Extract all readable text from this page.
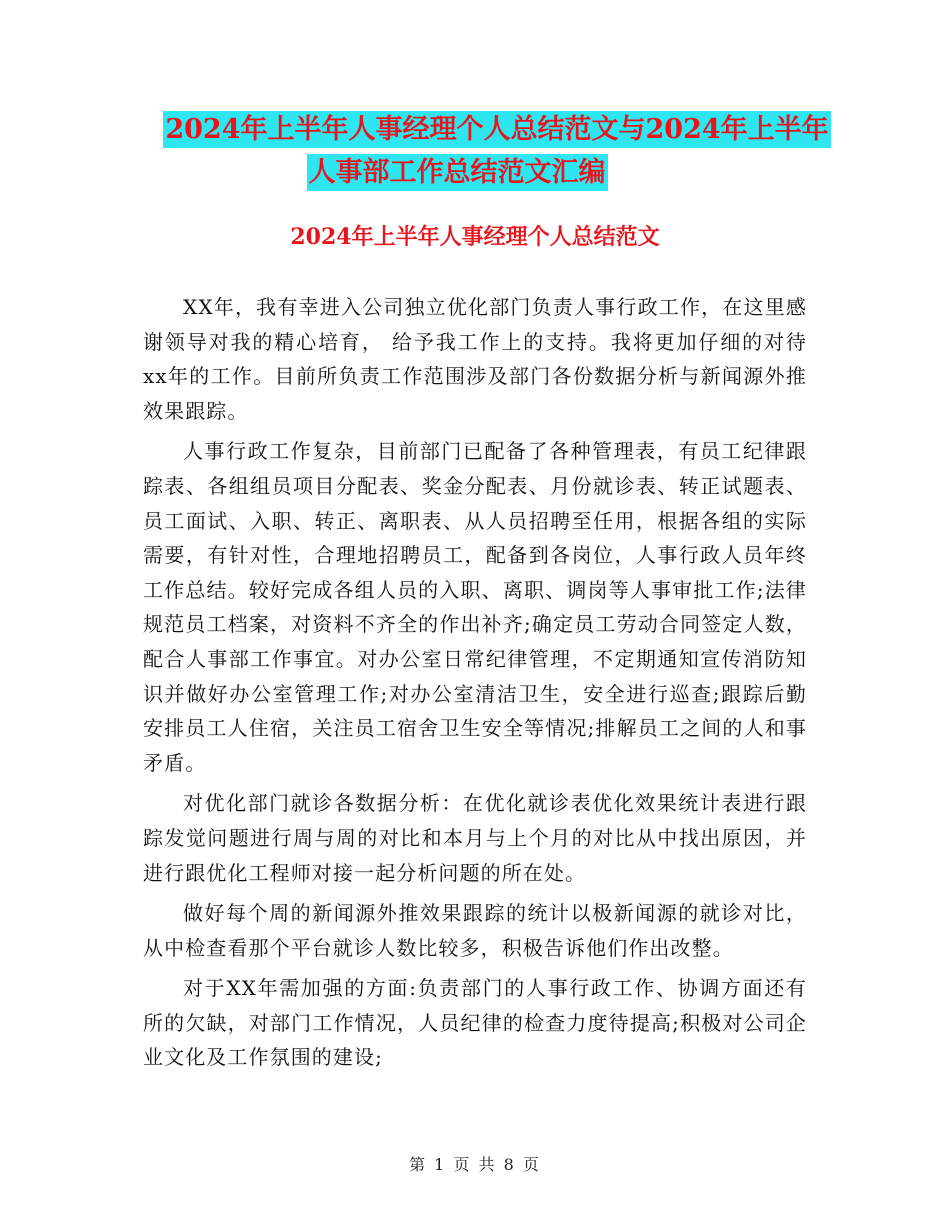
2024年上半年人事经理个人总结范文与2024年上半年
人事部工作总结范文汇编
2024年上半年人事经理个人总结范文

XX年，我有幸进入公司独立优化部门负责人事行政工作，在这里感谢领导对我的精心培育， 给予我工作上的支持。我将更加仔细的对待xx年的工作。目前所负责工作范围涉及部门各份数据分析与新闻源外推效果跟踪。

人事行政工作复杂，目前部门已配备了各种管理表，有员工纪律跟踪表、各组组员项目分配表、奖金分配表、月份就诊表、转正试题表、员工面试、入职、转正、离职表、从人员招聘至任用，根据各组的实际需要，有针对性，合理地招聘员工，配备到各岗位，人事行政人员年终工作总结。较好完成各组人员的入职、离职、调岗等人事审批工作;法律规范员工档案，对资料不齐全的作出补齐;确定员工劳动合同签定人数，配合人事部工作事宜。对办公室日常纪律管理，不定期通知宣传消防知识并做好办公室管理工作;对办公室清洁卫生，安全进行巡查;跟踪后勤安排员工人住宿，关注员工宿舍卫生安全等情况;排解员工之间的人和事矛盾。

对优化部门就诊各数据分析：在优化就诊表优化效果统计表进行跟踪发觉问题进行周与周的对比和本月与上个月的对比从中找出原因，并进行跟优化工程师对接一起分析问题的所在处。

做好每个周的新闻源外推效果跟踪的统计以极新闻源的就诊对比，从中检查看那个平台就诊人数比较多，积极告诉他们作出改整。

对于XX年需加强的方面:负责部门的人事行政工作、协调方面还有所的欠缺，对部门工作情况，人员纪律的检查力度待提高;积极对公司企业文化及工作氛围的建设;

第 1 页 共 8 页
